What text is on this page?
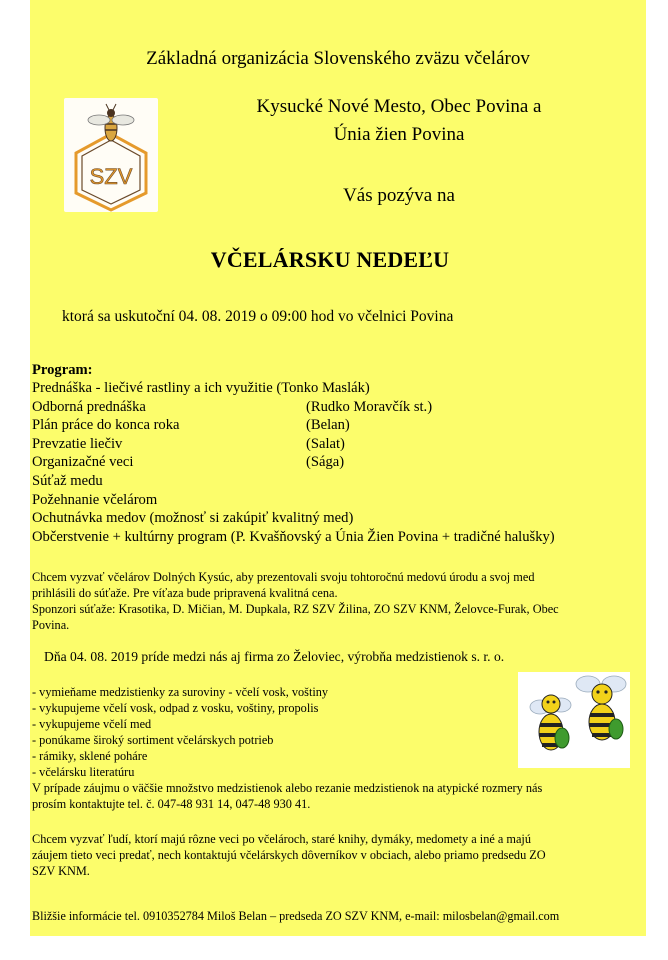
Základná organizácia Slovenského zväzu včelárov
SZV
Kysucké Nové Mesto, Obec Povina a
Únia žien Povina
Vás pozýva na
VČELÁRSKU NEDEĽU
ktorá sa uskutoční 04. 08. 2019 o 09:00 hod vo včelnici Povina
Program:
Prednáška - liečivé rastliny a ich využitie (Tonko Maslák)
Odborná prednáška	(Rudko Moravčík st.)
Plán práce do konca roka	(Belan)
Prevzatie liečiv	(Salat)
Organizačné veci	(Sága)
Súťaž medu
Požehnanie včelárom
Ochutnávka medov (možnosť si zakúpiť kvalitný med)
Občerstvenie + kultúrny program (P. Kvašňovský a Únia Žien Povina + tradičné halušky)
Chcem vyzvať včelárov Dolných Kysúc, aby prezentovali svoju tohtoročnú medovú úrodu a svoj med
prihlásili do súťaže. Pre víťaza bude pripravená kvalitná cena.
Sponzori súťaže: Krasotika, D. Mičian, M. Dupkala, RZ SZV Žilina, ZO SZV KNM, Želovce-Furak, Obec
Povina.
Dňa 04. 08. 2019 príde medzi nás aj firma zo Želoviec, výrobňa medzistienok s. r. o.
- vymieňame medzistienky za suroviny - včelí vosk, voštiny
- vykupujeme včelí vosk, odpad z vosku, voštiny, propolis
- vykupujeme včelí med
- ponúkame široký sortiment včelárskych potrieb
- rámiky, sklené poháre
- včelársku literatúru
V prípade záujmu o väčšie množstvo medzistienok alebo rezanie medzistienok na atypické rozmery nás
prosím kontaktujte tel. č. 047-48 931 14, 047-48 930 41.
Chcem vyzvať ľudí, ktorí majú rôzne veci po včelároch, staré knihy, dymáky, medomety a iné a majú
záujem tieto veci predať, nech kontaktujú včelárskych dôverníkov v obciach, alebo priamo predsedu ZO
SZV KNM.
Bližšie informácie tel. 0910352784 Miloš Belan – predseda ZO SZV KNM, e-mail: milosbelan@gmail.com
